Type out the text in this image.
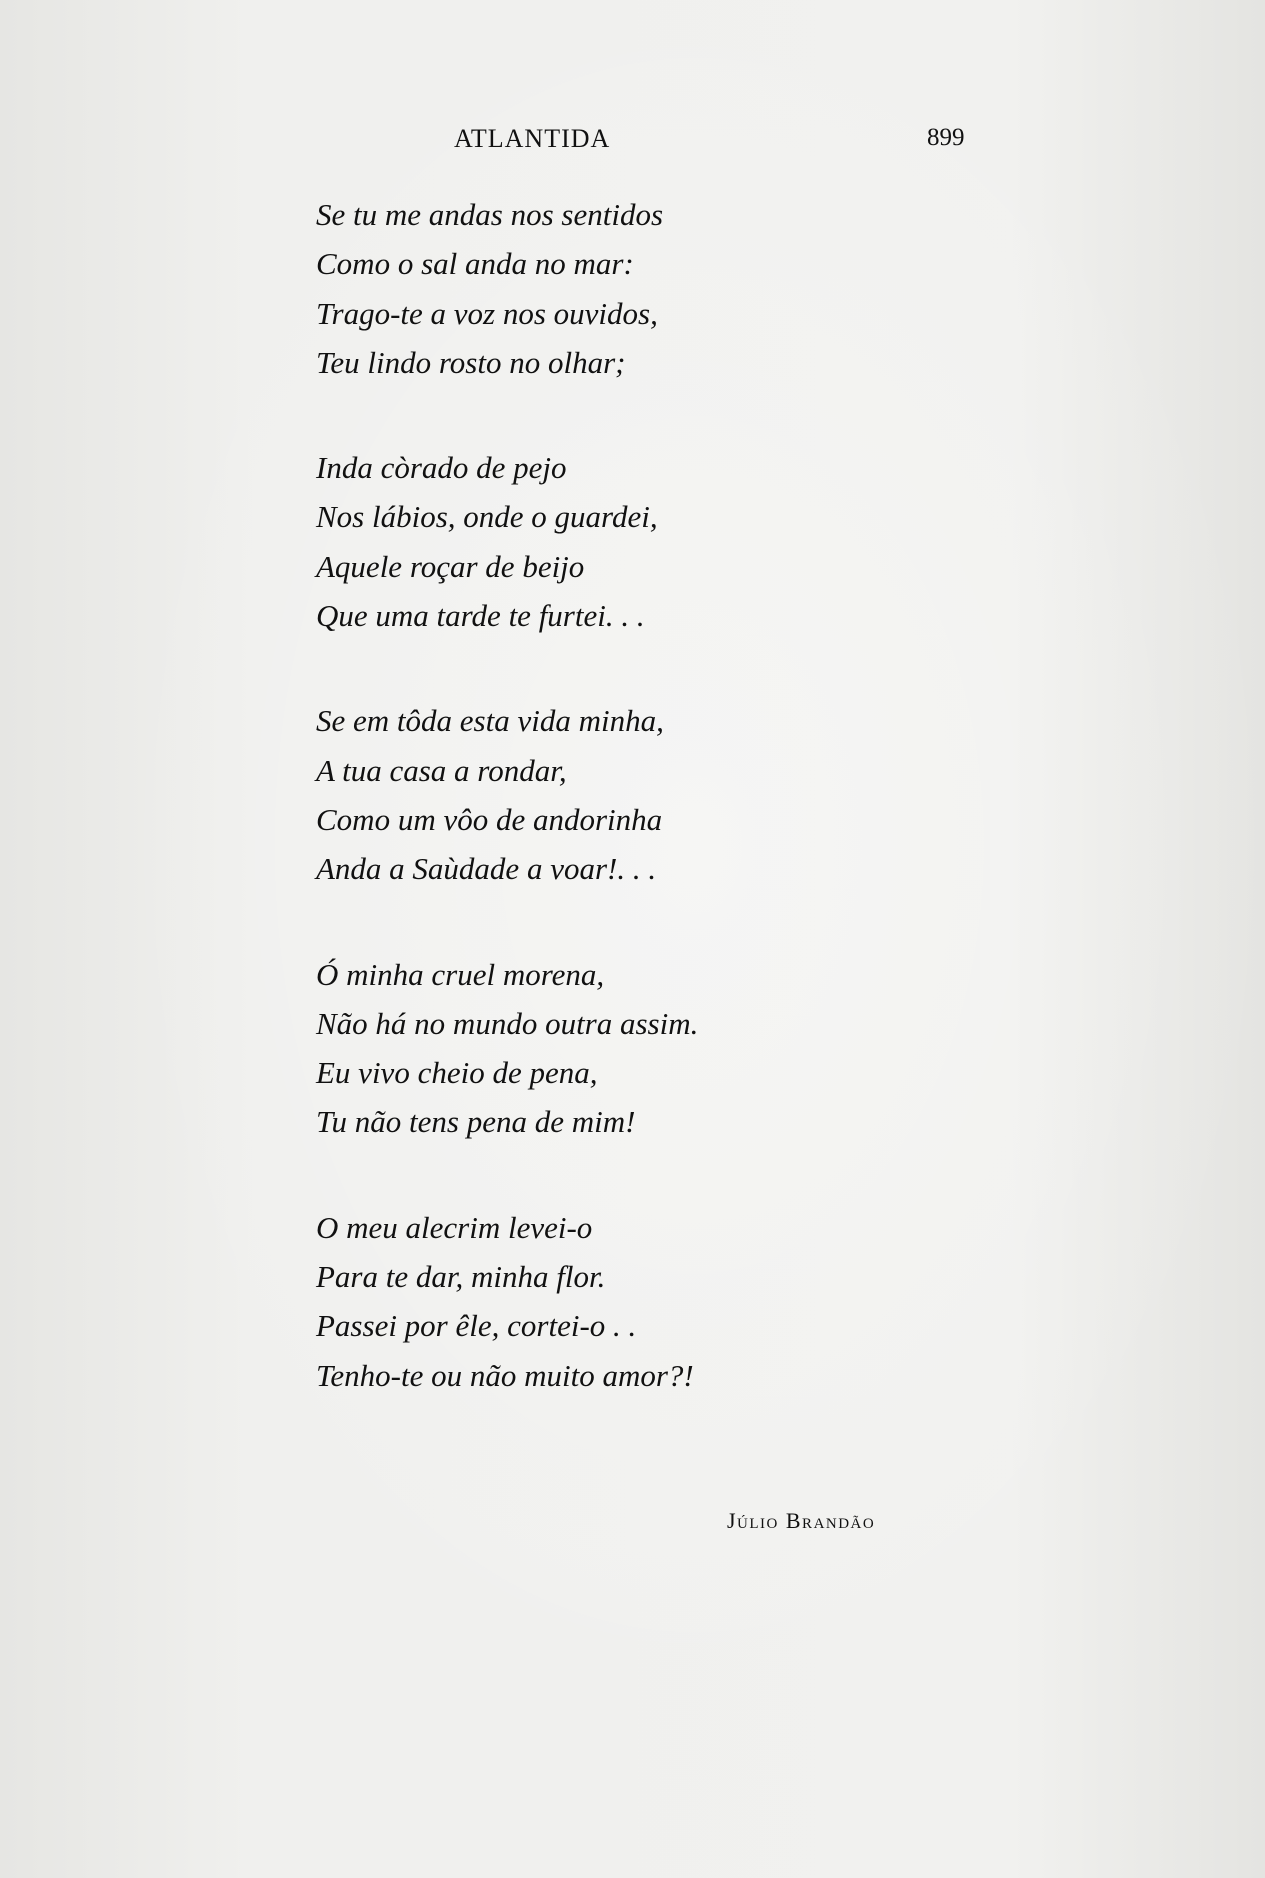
ATLANTIDA	899
Se tu me andas nos sentidos
Como o sal anda no mar:
Trago-te a voz nos ouvidos,
Teu lindo rosto no olhar;
Inda còrado de pejo
Nos lábios, onde o guardei,
Aquele roçar de beijo
Que uma tarde te furtei. . .
Se em tôda esta vida minha,
A tua casa a rondar,
Como um vôo de andorinha
Anda a Saùdade a voar!. . .
Ó minha cruel morena,
Não há no mundo outra assim.
Eu vivo cheio de pena,
Tu não tens pena de mim!
O meu alecrim levei-o
Para te dar, minha flor.
Passei por êle, cortei-o . .
Tenho-te ou não muito amor?!
Júlio Brandão
